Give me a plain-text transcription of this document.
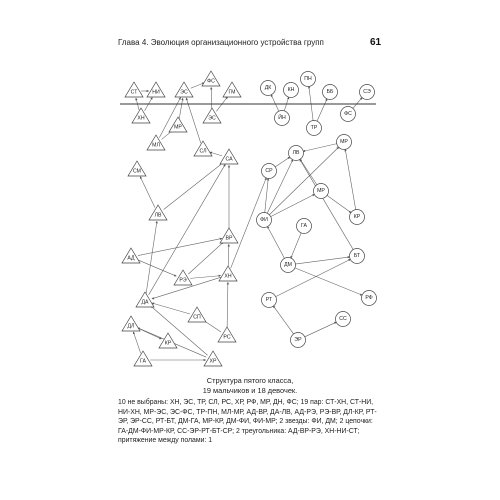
Глава 4. Эволюция организационного устройства групп	61
СТ	НИ	ЭС
ФС
ГМ
ДК	КН
ПН
ББ	СЭ
ХН
МР
ЭС	ЙН
ТР
ФС
МЛ
СЛ
СА
СМ
ЛВ
ЛВ
МР
СР
МР
ВР
АД
РЭ
ХН
ФИ
ГА
КР
ДМ
БТ
ДА
СП
ДЛ
КР
РС
ГА	ХР
РТ	РФ
СС
ЭР
Структура пятого класса,
19 мальчиков и 18 девочек.
10 не выбраны: ХН, ЭС, ТР, СЛ, РС, ХР, РФ, МР, ДН, ФС; 19 пар: СТ-ХН, СТ-НИ, НИ-ХН, МР-ЭС, ЭС-ФС, ТР-ПН, МЛ-МР, АД-ВР, ДА-ЛВ, АД-РЭ, РЭ-ВР, ДЛ-КР, РТ-ЭР, ЭР-СС, РТ-БТ, ДМ-ГА, МР-КР, ДМ-ФИ, ФИ-МР; 2 звезды: ФИ, ДМ; 2 цепочки: ГА-ДМ-ФИ-МР-КР, СС-ЭР-РТ-БТ-СР; 2 треугольника: АД-ВР-РЭ, ХН-НИ-СТ; притяжение между полами: 1
